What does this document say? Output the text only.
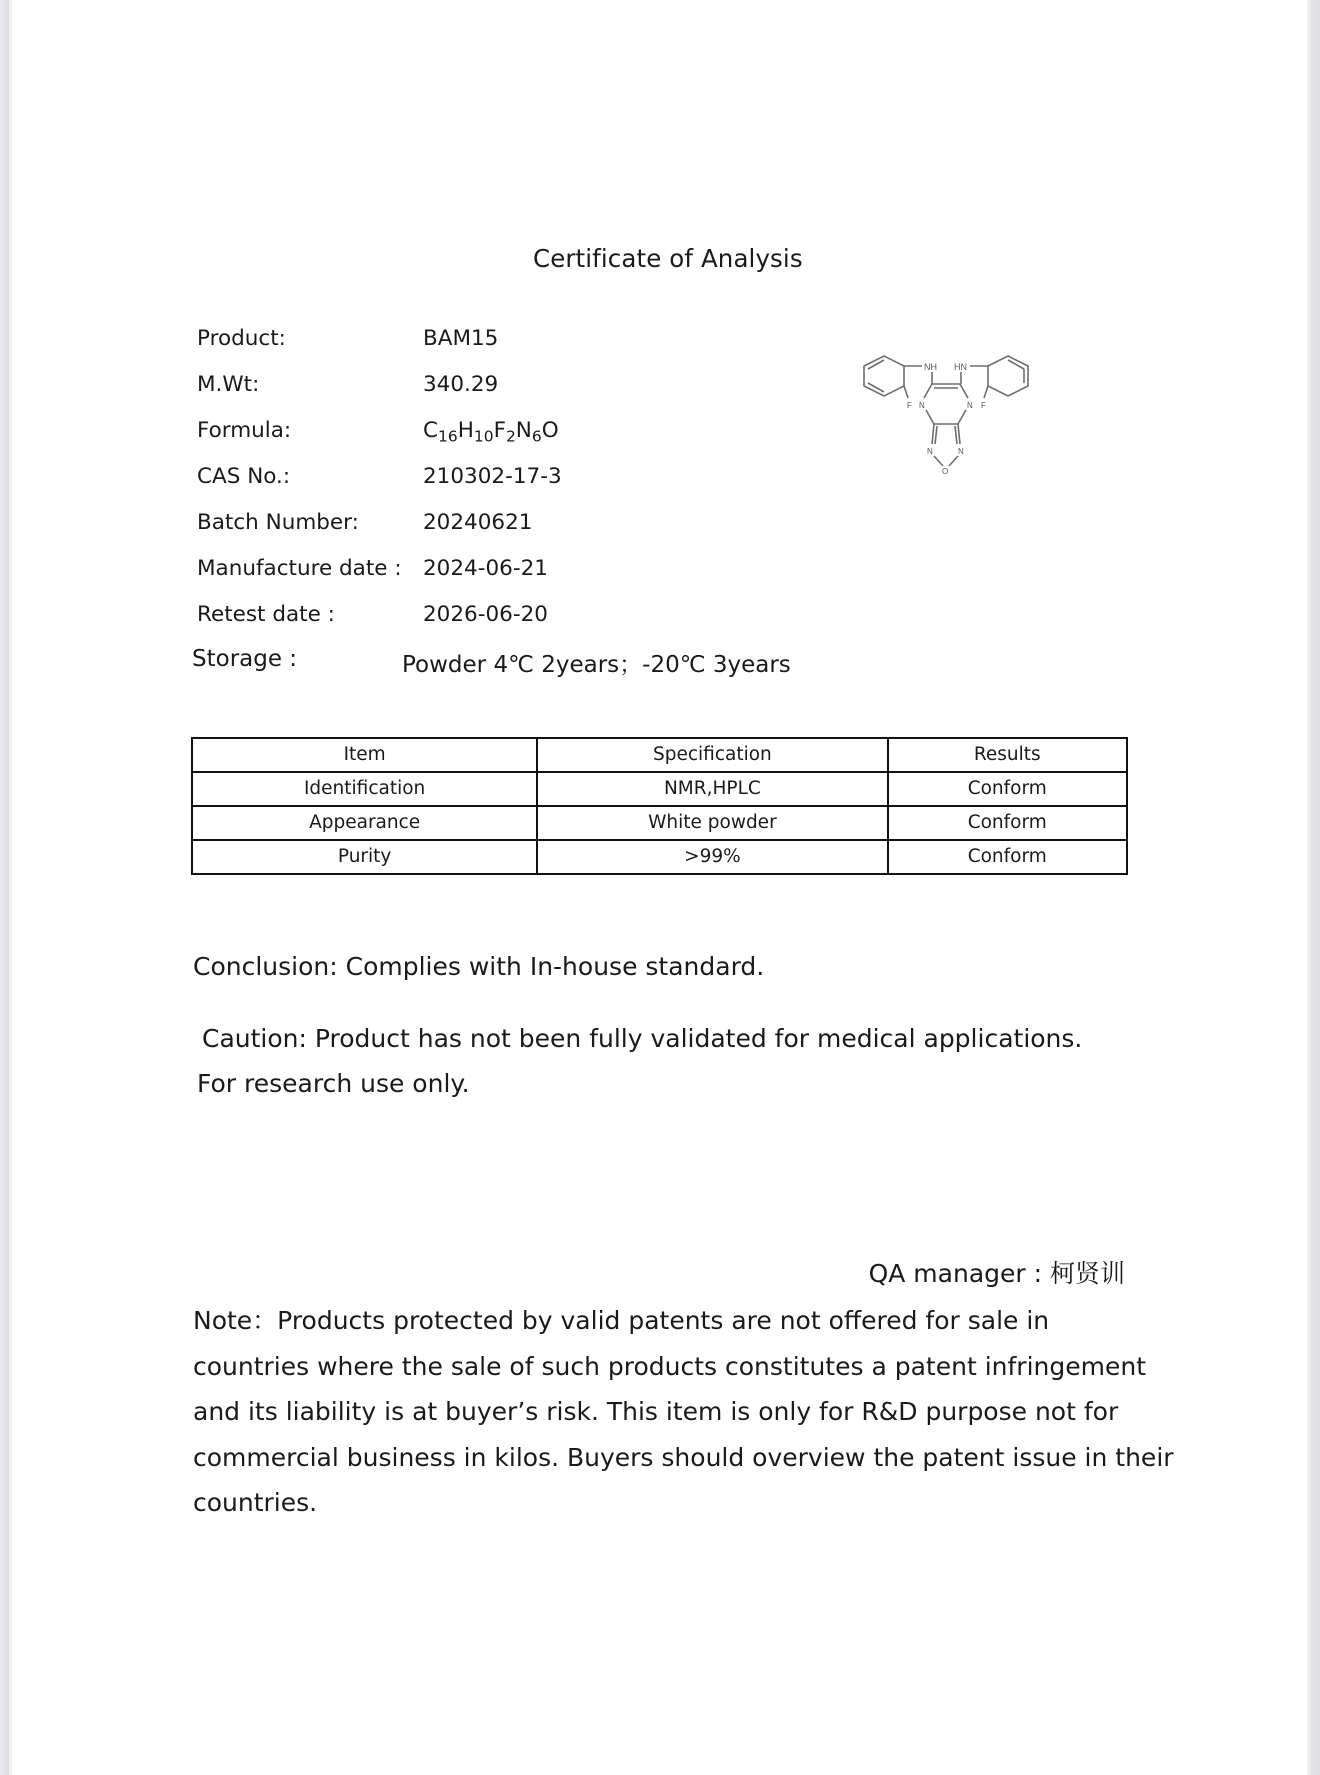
Certificate of Analysis
Product:	BAM15
M.Wt:	340.29
Formula:	$C_{16}H_{10}F_2N_6O$
CAS No.:	210302-17-3
Batch Number:	20240621
Manufacture date : 2024-06-21
Retest date :	2026-06-20
Storage :	Powder 4℃ 2years；-20℃ 3years
NH
F
HN
F
N	N
N	N
O
Item	Specification	Results
Identification	NMR,HPLC	Conform
Appearance	White powder	Conform
Purity	>99%	Conform
Conclusion: Complies with In-house standard.
Caution: Product has not been fully validated for medical applications.
For research use only.
QA manager : 柯贤训
Note：Products protected by valid patents are not offered for sale in
countries where the sale of such products constitutes a patent infringement
and its liability is at buyer’s risk. This item is only for R&D purpose not for
commercial business in kilos. Buyers should overview the patent issue in their
countries.
